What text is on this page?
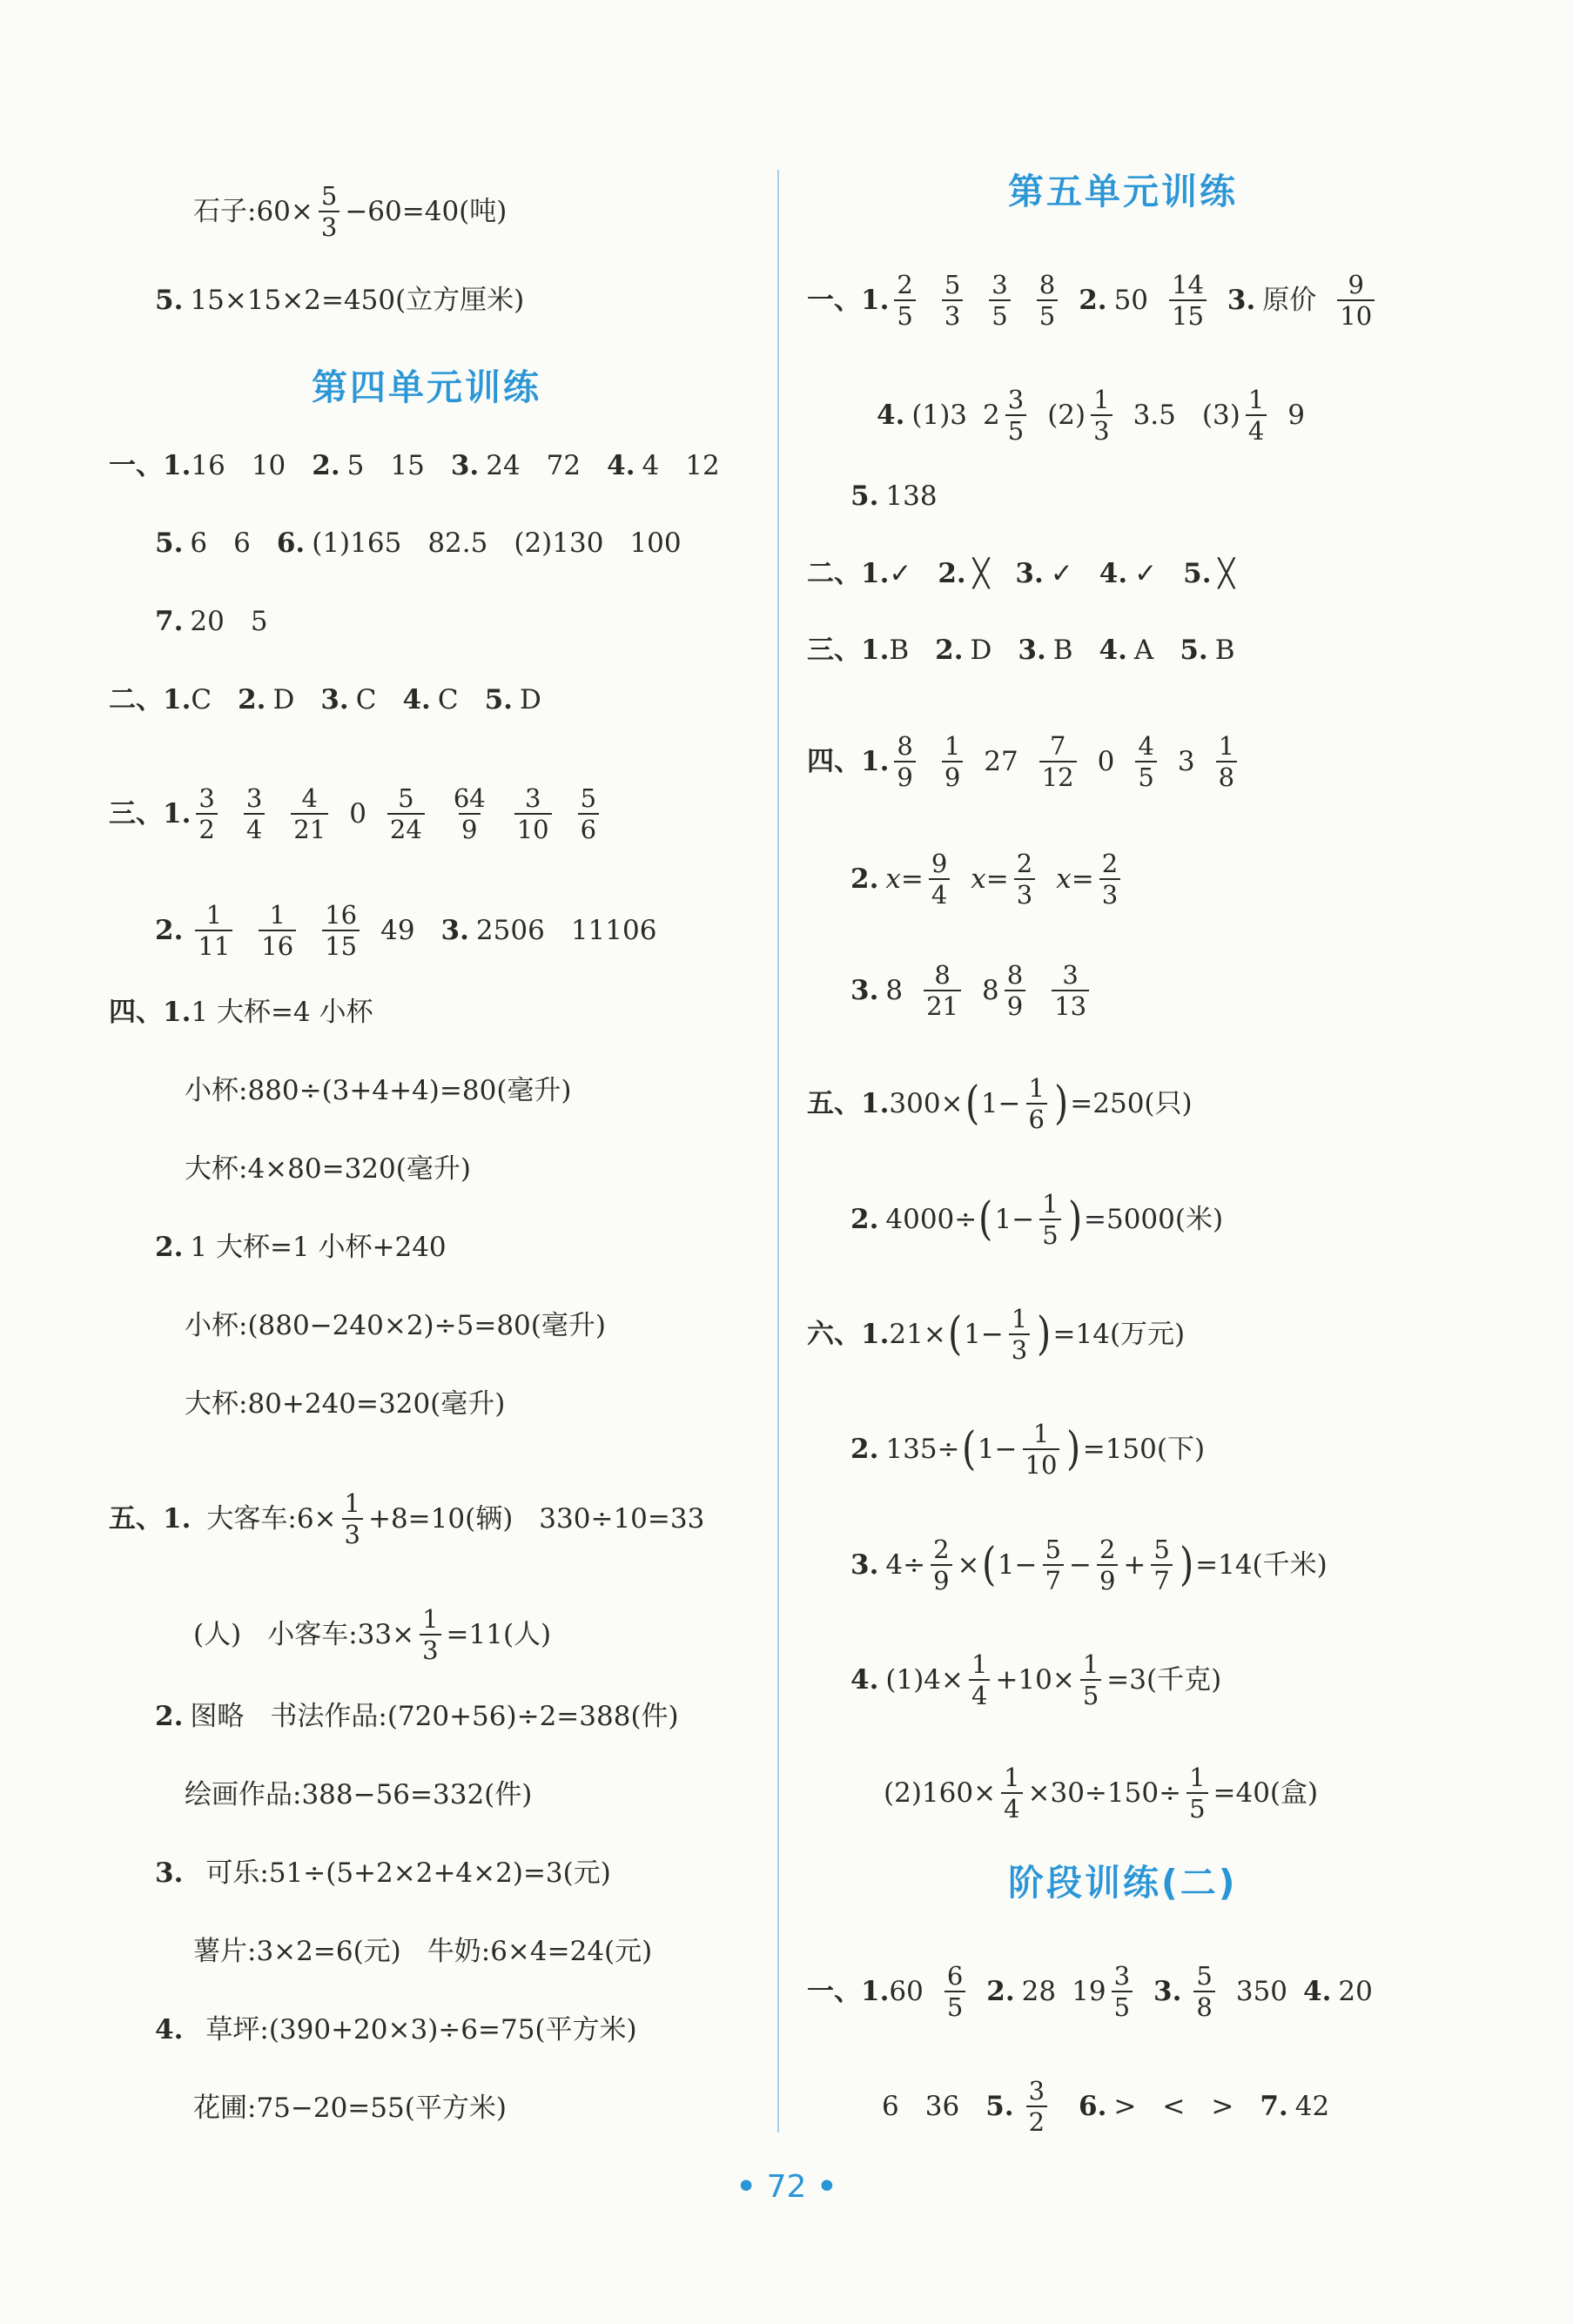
石子: $60\times \frac{5}{3} -60=40$(吨)
5. 15×15×2=450(立方厘米)
第四单元训练
一、1. 16 10 2. 5 15 3. 24 72 4. 4 12
5. 6 6 6. (1)165 82.5 (2)130 100
7. 20 5
二、1. C 2. D 3. C 4. C 5. D
三、1. $\frac{3}{2} \frac{3}{4} \frac{4}{21} 0 \frac{5}{24} \frac{64}{9} \frac{3}{10} \frac{5}{6}$
2. $\frac{1}{11} \frac{1}{16} \frac{16}{15} 49$ 3. 2506 11106
四、1. 1 大杯=4 小杯
小杯:880÷(3+4+4)=80(毫升)
大杯:4×80=320(毫升)
2. 1 大杯=1 小杯+240
小杯:(880−240×2)÷5=80(毫升)
大杯:80+240=320(毫升)
五、1. 大客车:6× $\frac{1}{3} +8=10$(辆) 330÷10=33
(人) 小客车:33× $\frac{1}{3} =11$(人)
2. 图略 书法作品:(720+56)÷2=388(件)
绘画作品:388−56=332(件)
3. 可乐:51÷(5+2×2+4×2)=3(元)
薯片:3×2=6(元) 牛奶:6×4=24(元)
4. 草坪:(390+20×3)÷6=75(平方米)
花圃:75−20=55(平方米)
第五单元训练
一、1. $\frac{2}{5} \frac{5}{3} \frac{3}{5} \frac{8}{5} 2$. $50 \frac{14}{15} 3$. 原价 $\frac{9}{10}$
4. (1)3 $2 \frac{3}{5} (2) \frac{1}{3} 3.5$ $(3) \frac{1}{4} 9$
5. 138
二、1. ✓ 2. ╳ 3. ✓ 4. ✓ 5. ╳
三、1. B 2. D 3. B 4. A 5. B
四、1. $\frac{8}{9} \frac{1}{9} 27 \frac{7}{12} 0 \frac{4}{5} 3 \frac{1}{8}$
2. $x= \frac{9}{4} x= \frac{2}{3} x= \frac{2}{3}$
3. $8 \frac{8}{21} 8 \frac{8}{9} \frac{3}{13}$
五、1. 300× ( $1- \frac{1}{6}$ ) =250(只)
2. 4000÷ ( $1- \frac{1}{5}$ ) =5000(米)
六、1. 21× ( $1- \frac{1}{3}$ ) =14(万元)
2. 135÷ ( $1- \frac{1}{10}$ ) =150(下)
3. $4\div \frac{2}{9}$ × ( $1- \frac{5}{7} - \frac{2}{9} + \frac{5}{7}$ ) =14(千米)
4. $(1)4\times \frac{1}{4} +10\times \frac{1}{5} =3$(千克)
$(2)160\times \frac{1}{4} \times 30\div 150\div \frac{1}{5} =40$(盒)
阶段训练(二)
一、1. $60 \frac{6}{5} 2$. 28 $19 \frac{3}{5} 3$. $\frac{5}{8} 350$ 4. 20
6 36 5. $\frac{3}{2} 6$. > < > 7. 42
• 72 •
